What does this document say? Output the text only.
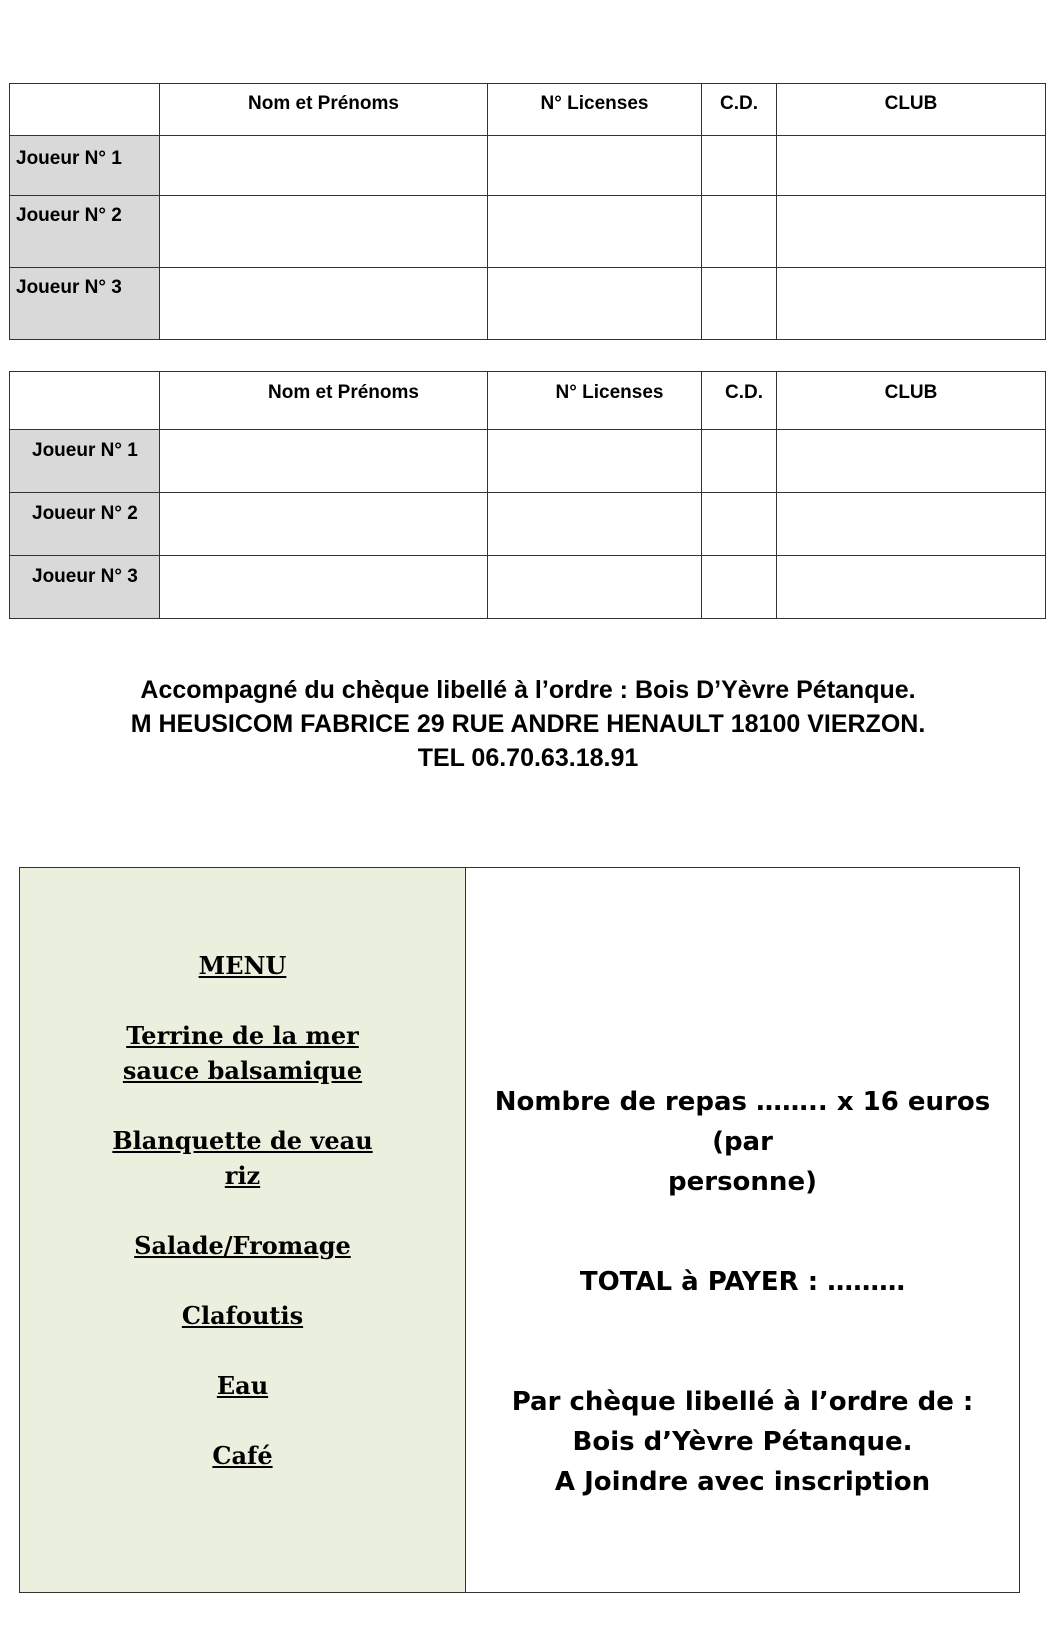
	Nom et Prénoms	N° Licenses	C.D.	CLUB
Joueur N° 1				
Joueur N° 2				
Joueur N° 3				
	Nom et Prénoms	N° Licenses	C.D.	CLUB
Joueur N° 1				
Joueur N° 2				
Joueur N° 3				
Accompagné du chèque libellé à l’ordre : Bois D’Yèvre Pétanque.
M HEUSICOM FABRICE 29 RUE ANDRE HENAULT 18100 VIERZON.
TEL 06.70.63.18.91
MENU
Terrine de la mer
sauce balsamique
Blanquette de veau
riz
Salade/Fromage
Clafoutis
Eau
Café
Nombre de repas …….. x 16 euros (par
personne)
TOTAL à PAYER : ………
Par chèque libellé à l’ordre de :
Bois d’Yèvre Pétanque.
A Joindre avec inscription
